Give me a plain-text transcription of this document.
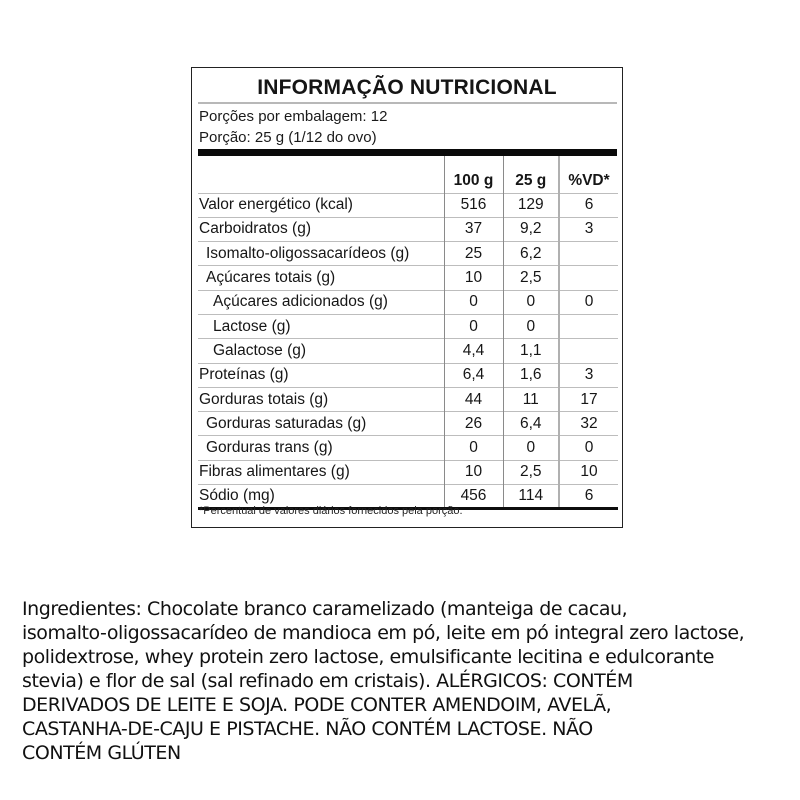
INFORMAÇÃO NUTRICIONAL
Porções por embalagem: 12
Porção: 25 g (1/12 do ovo)
	100 g	25 g	%VD*
Valor energético (kcal)	516	129	6
Carboidratos (g)	37	9,2	3
Isomalto-oligossacarídeos (g)	25	6,2	
Açúcares totais (g)	10	2,5	
Açúcares adicionados (g)	0	0	0
Lactose (g)	0	0	
Galactose (g)	4,4	1,1	
Proteínas (g)	6,4	1,6	3
Gorduras totais (g)	44	11	17
Gorduras saturadas (g)	26	6,4	32
Gorduras trans (g)	0	0	0
Fibras alimentares (g)	10	2,5	10
Sódio (mg)	456	114	6
*Percentual de valores diários fornecidos pela porção.
Ingredientes: Chocolate branco caramelizado (manteiga de cacau,
isomalto-oligossacarídeo de mandioca em pó, leite em pó integral zero lactose,
polidextrose, whey protein zero lactose, emulsificante lecitina e edulcorante
stevia) e flor de sal (sal refinado em cristais). ALÉRGICOS: CONTÉM
DERIVADOS DE LEITE E SOJA. PODE CONTER AMENDOIM, AVELÃ,
CASTANHA-DE-CAJU E PISTACHE. NÃO CONTÉM LACTOSE. NÃO
CONTÉM GLÚTEN
